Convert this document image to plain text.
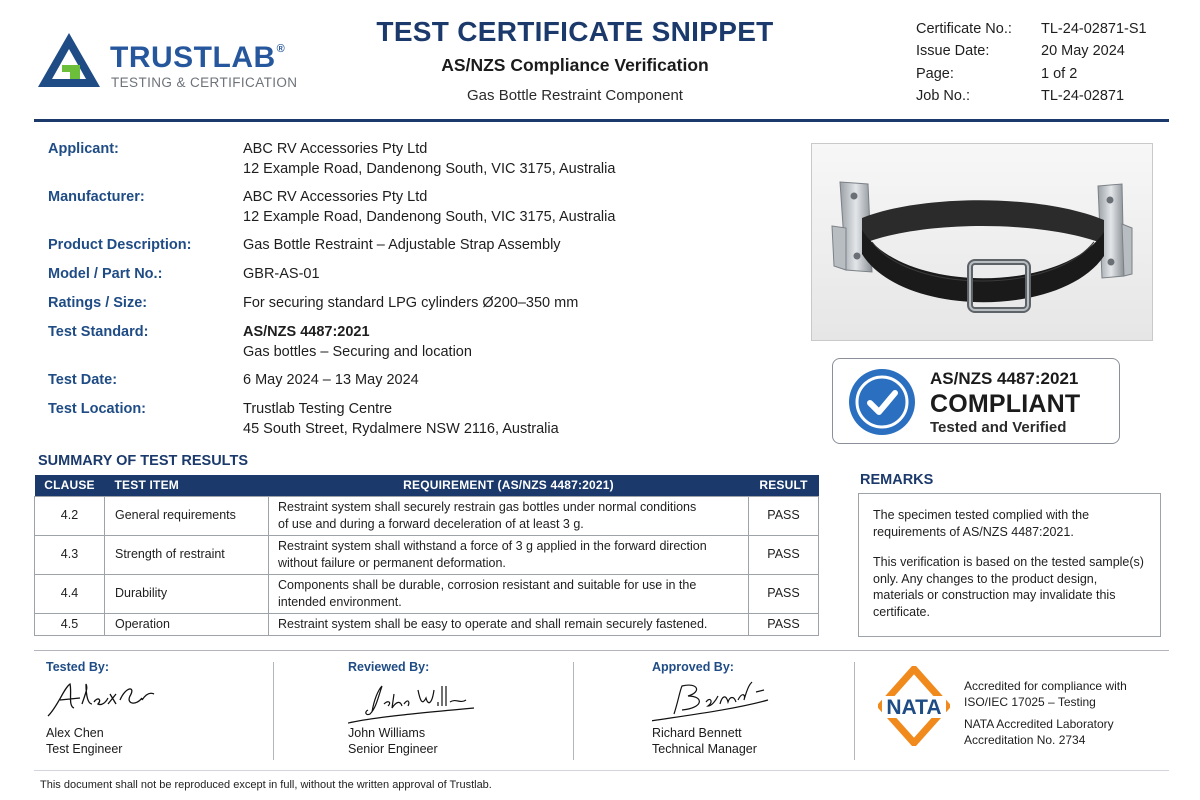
TRUSTLAB®
TESTING & CERTIFICATION
TEST CERTIFICATE SNIPPET
AS/NZS Compliance Verification
Gas Bottle Restraint Component
Certificate No.: TL-24-02871-S1
Issue Date:	20 May 2024
Page:	1 of 2
Job No.:	TL-24-02871
Applicant:	ABC RV Accessories Pty Ltd
12 Example Road, Dandenong South, VIC 3175, Australia
Manufacturer:	ABC RV Accessories Pty Ltd
12 Example Road, Dandenong South, VIC 3175, Australia
Product Description:	Gas Bottle Restraint – Adjustable Strap Assembly
Model / Part No.:	GBR-AS-01
Ratings / Size:	For securing standard LPG cylinders Ø200–350 mm
Test Standard:	AS/NZS 4487:2021
Gas bottles – Securing and location
Test Date:	6 May 2024 – 13 May 2024
Test Location:	Trustlab Testing Centre
45 South Street, Rydalmere NSW 2116, Australia
AS/NZS 4487:2021
COMPLIANT
Tested and Verified
SUMMARY OF TEST RESULTS
CLAUSE	TEST ITEM	REQUIREMENT (AS/NZS 4487:2021)	RESULT
4.2	General requirements	Restraint system shall securely restrain gas bottles under normal conditions
of use and during a forward deceleration of at least 3 g.	PASS
4.3	Strength of restraint	Restraint system shall withstand a force of 3 g applied in the forward direction
without failure or permanent deformation.	PASS
4.4	Durability	Components shall be durable, corrosion resistant and suitable for use in the
intended environment.	PASS
4.5	Operation	Restraint system shall be easy to operate and shall remain securely fastened.	PASS
REMARKS

The specimen tested complied with the requirements of AS/NZS 4487:2021.

This verification is based on the tested sample(s) only. Any changes to the product design, materials or construction may invalidate this certificate.

Tested By:
Alex Chen
Test Engineer
Reviewed By:
John Williams
Senior Engineer
Approved By:
Richard Bennett
Technical Manager
NATA
Accredited for compliance with
ISO/IEC 17025 – Testing
NATA Accredited Laboratory
Accreditation No. 2734
This document shall not be reproduced except in full, without the written approval of Trustlab.
